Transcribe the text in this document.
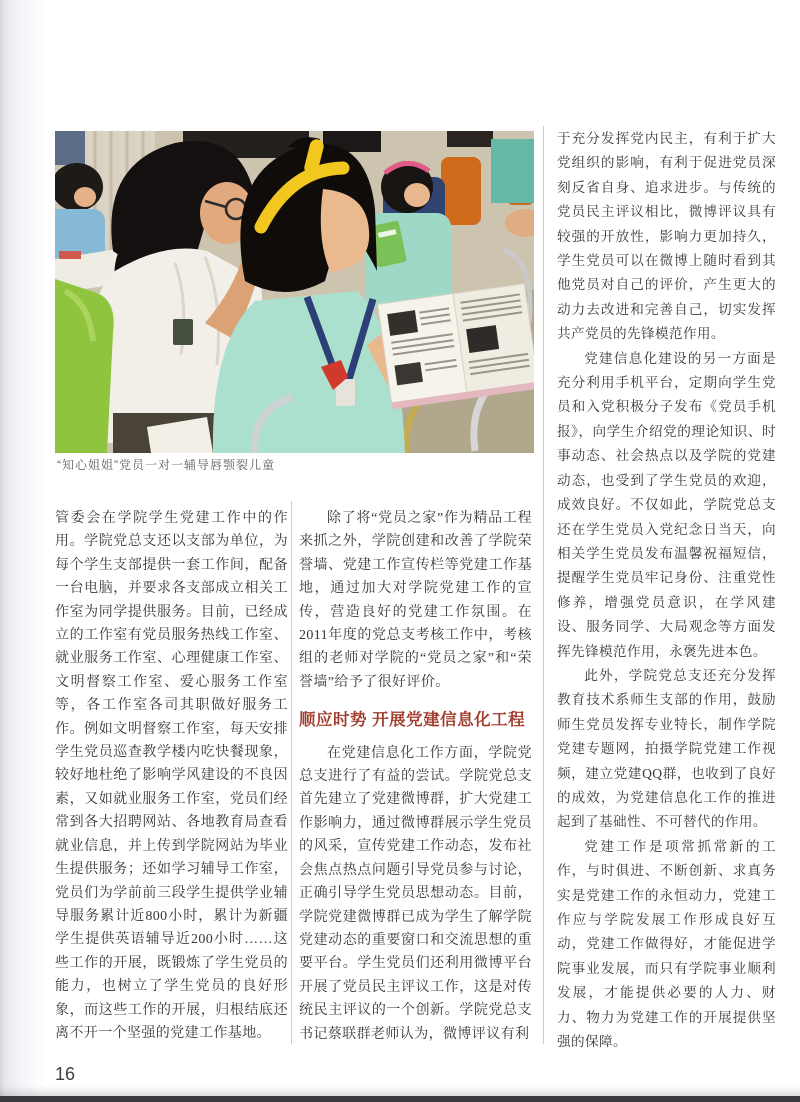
“知心姐姐”党员一对一辅导唇颚裂儿童

管委会在学院学生党建工作中的作用。学院党总支还以支部为单位，为每个学生支部提供一套工作间，配备一台电脑，并要求各支部成立相关工作室为同学提供服务。目前，已经成立的工作室有党员服务热线工作室、就业服务工作室、心理健康工作室、文明督察工作室、爱心服务工作室等，各工作室各司其职做好服务工作。例如文明督察工作室，每天安排学生党员巡查教学楼内吃快餐现象，较好地杜绝了影响学风建设的不良因素，又如就业服务工作室，党员们经常到各大招聘网站、各地教育局查看就业信息，并上传到学院网站为毕业生提供服务；还如学习辅导工作室，党员们为学前前三段学生提供学业辅导服务累计近800小时，累计为新疆学生提供英语辅导近200小时……这些工作的开展，既锻炼了学生党员的能力，也树立了学生党员的良好形象，而这些工作的开展，归根结底还离不开一个坚强的党建工作基地。

除了将“党员之家”作为精品工程来抓之外，学院创建和改善了学院荣誉墙、党建工作宣传栏等党建工作基地，通过加大对学院党建工作的宣传，营造良好的党建工作氛围。在2011年度的党总支考核工作中，考核组的老师对学院的“党员之家”和“荣誉墙”给予了很好评价。

顺应时势 开展党建信息化工程

在党建信息化工作方面，学院党总支进行了有益的尝试。学院党总支首先建立了党建微博群，扩大党建工作影响力，通过微博群展示学生党员的风采，宣传党建工作动态，发布社会焦点热点问题引导党员参与讨论，正确引导学生党员思想动态。目前，学院党建微博群已成为学生了解学院党建动态的重要窗口和交流思想的重要平台。学生党员们还利用微博平台开展了党员民主评议工作，这是对传统民主评议的一个创新。学院党总支书记蔡联群老师认为，微博评议有利

于充分发挥党内民主，有利于扩大党组织的影响，有利于促进党员深刻反省自身、追求进步。与传统的党员民主评议相比，微博评议具有较强的开放性，影响力更加持久，学生党员可以在微博上随时看到其他党员对自己的评价，产生更大的动力去改进和完善自己，切实发挥共产党员的先锋模范作用。

党建信息化建设的另一方面是充分利用手机平台，定期向学生党员和入党积极分子发布《党员手机报》，向学生介绍党的理论知识、时事动态、社会热点以及学院的党建动态，也受到了学生党员的欢迎，成效良好。不仅如此，学院党总支还在学生党员入党纪念日当天，向相关学生党员发布温馨祝福短信，提醒学生党员牢记身份、注重党性修养，增强党员意识，在学风建设、服务同学、大局观念等方面发挥先锋模范作用，永褒先进本色。

此外，学院党总支还充分发挥教育技术系师生支部的作用，鼓励师生党员发挥专业特长，制作学院党建专题网，拍摄学院党建工作视频，建立党建QQ群，也收到了良好的成效，为党建信息化工作的推进起到了基础性、不可替代的作用。

党建工作是项常抓常新的工作，与时俱进、不断创新、求真务实是党建工作的永恒动力，党建工作应与学院发展工作形成良好互动，党建工作做得好，才能促进学院事业发展，而只有学院事业顺利发展，才能提供必要的人力、财力、物力为党建工作的开展提供坚强的保障。

16
